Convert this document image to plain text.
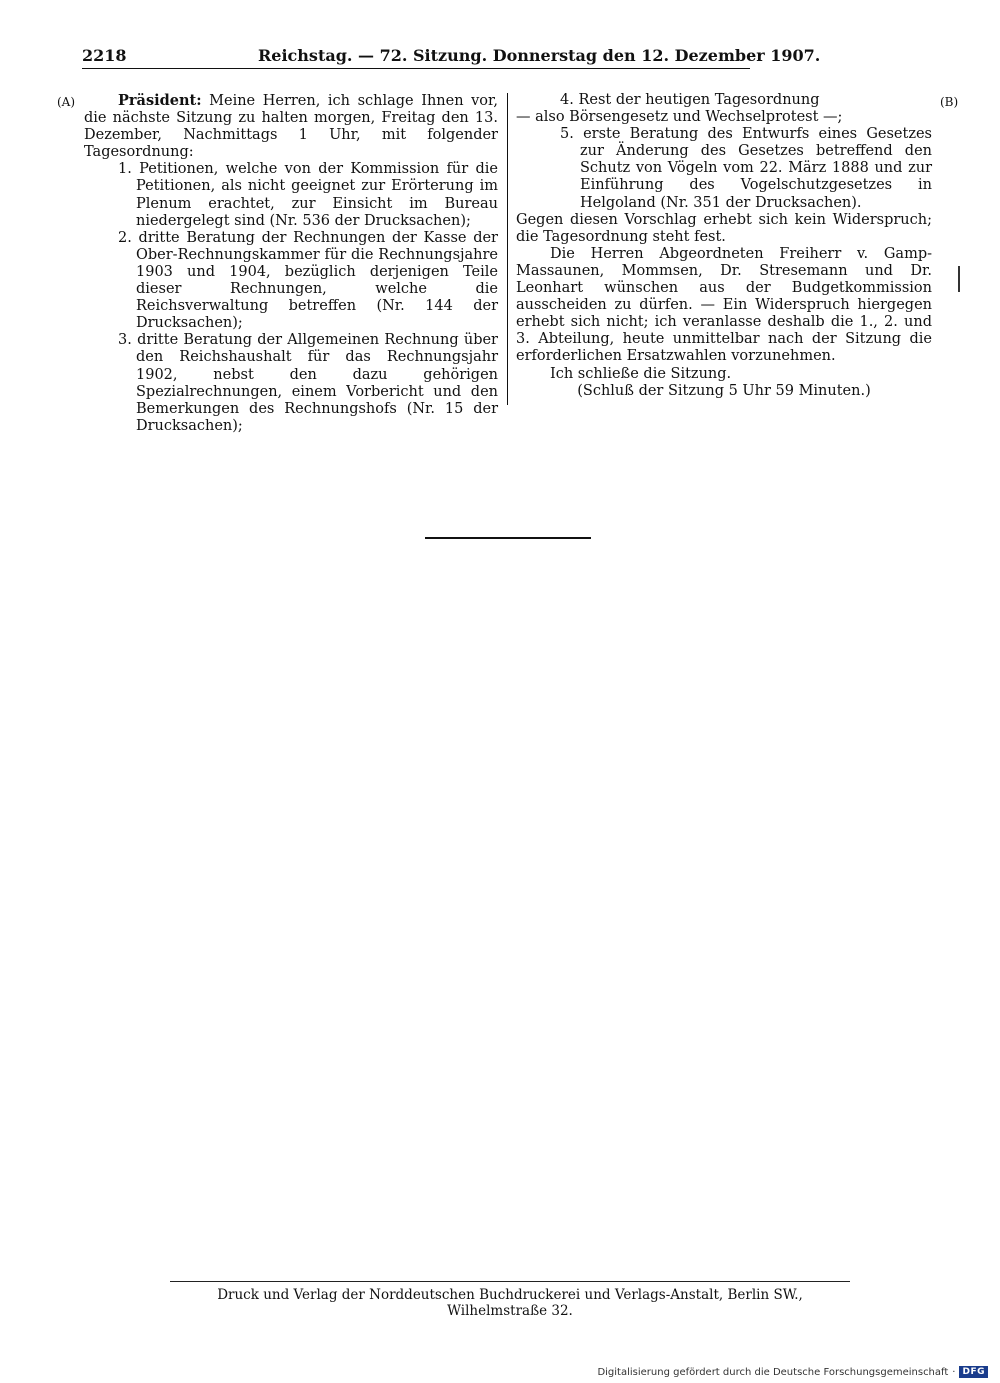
2218	Reichstag. — 72. Sitzung. Donnerstag den 12. Dezember 1907.
(A)	(B)

Präsident: Meine Herren, ich schlage Ihnen vor, die nächste Sitzung zu halten morgen, Freitag den 13. Dezember, Nachmittags 1 Uhr, mit folgender Tagesordnung:

1. Petitionen, welche von der Kommission für die Petitionen, als nicht geeignet zur Erörterung im Plenum erachtet, zur Einsicht im Bureau niedergelegt sind (Nr. 536 der Drucksachen);

2. dritte Beratung der Rechnungen der Kasse der Ober-Rechnungskammer für die Rechnungsjahre 1903 und 1904, bezüglich derjenigen Teile dieser Rechnungen, welche die Reichsverwaltung betreffen (Nr. 144 der Drucksachen);

3. dritte Beratung der Allgemeinen Rechnung über den Reichshaushalt für das Rechnungsjahr 1902, nebst den dazu gehörigen Spezialrechnungen, einem Vorbericht und den Bemerkungen des Rechnungshofs (Nr. 15 der Drucksachen);

4. Rest der heutigen Tagesordnung

— also Börsengesetz und Wechselprotest —;

5. erste Beratung des Entwurfs eines Gesetzes zur Änderung des Gesetzes betreffend den Schutz von Vögeln vom 22. März 1888 und zur Einführung des Vogelschutzgesetzes in Helgoland (Nr. 351 der Drucksachen).

Gegen diesen Vorschlag erhebt sich kein Widerspruch; die Tagesordnung steht fest.

Die Herren Abgeordneten Freiherr v. Gamp-Massaunen, Mommsen, Dr. Stresemann und Dr. Leonhart wünschen aus der Budgetkommission ausscheiden zu dürfen. — Ein Widerspruch hiergegen erhebt sich nicht; ich veranlasse deshalb die 1., 2. und 3. Abteilung, heute unmittelbar nach der Sitzung die erforderlichen Ersatzwahlen vorzunehmen.

Ich schließe die Sitzung.

(Schluß der Sitzung 5 Uhr 59 Minuten.)

Druck und Verlag der Norddeutschen Buchdruckerei und Verlags-Anstalt, Berlin SW., Wilhelmstraße 32.
Digitalisierung gefördert durch die Deutsche Forschungsgemeinschaft · DFG
